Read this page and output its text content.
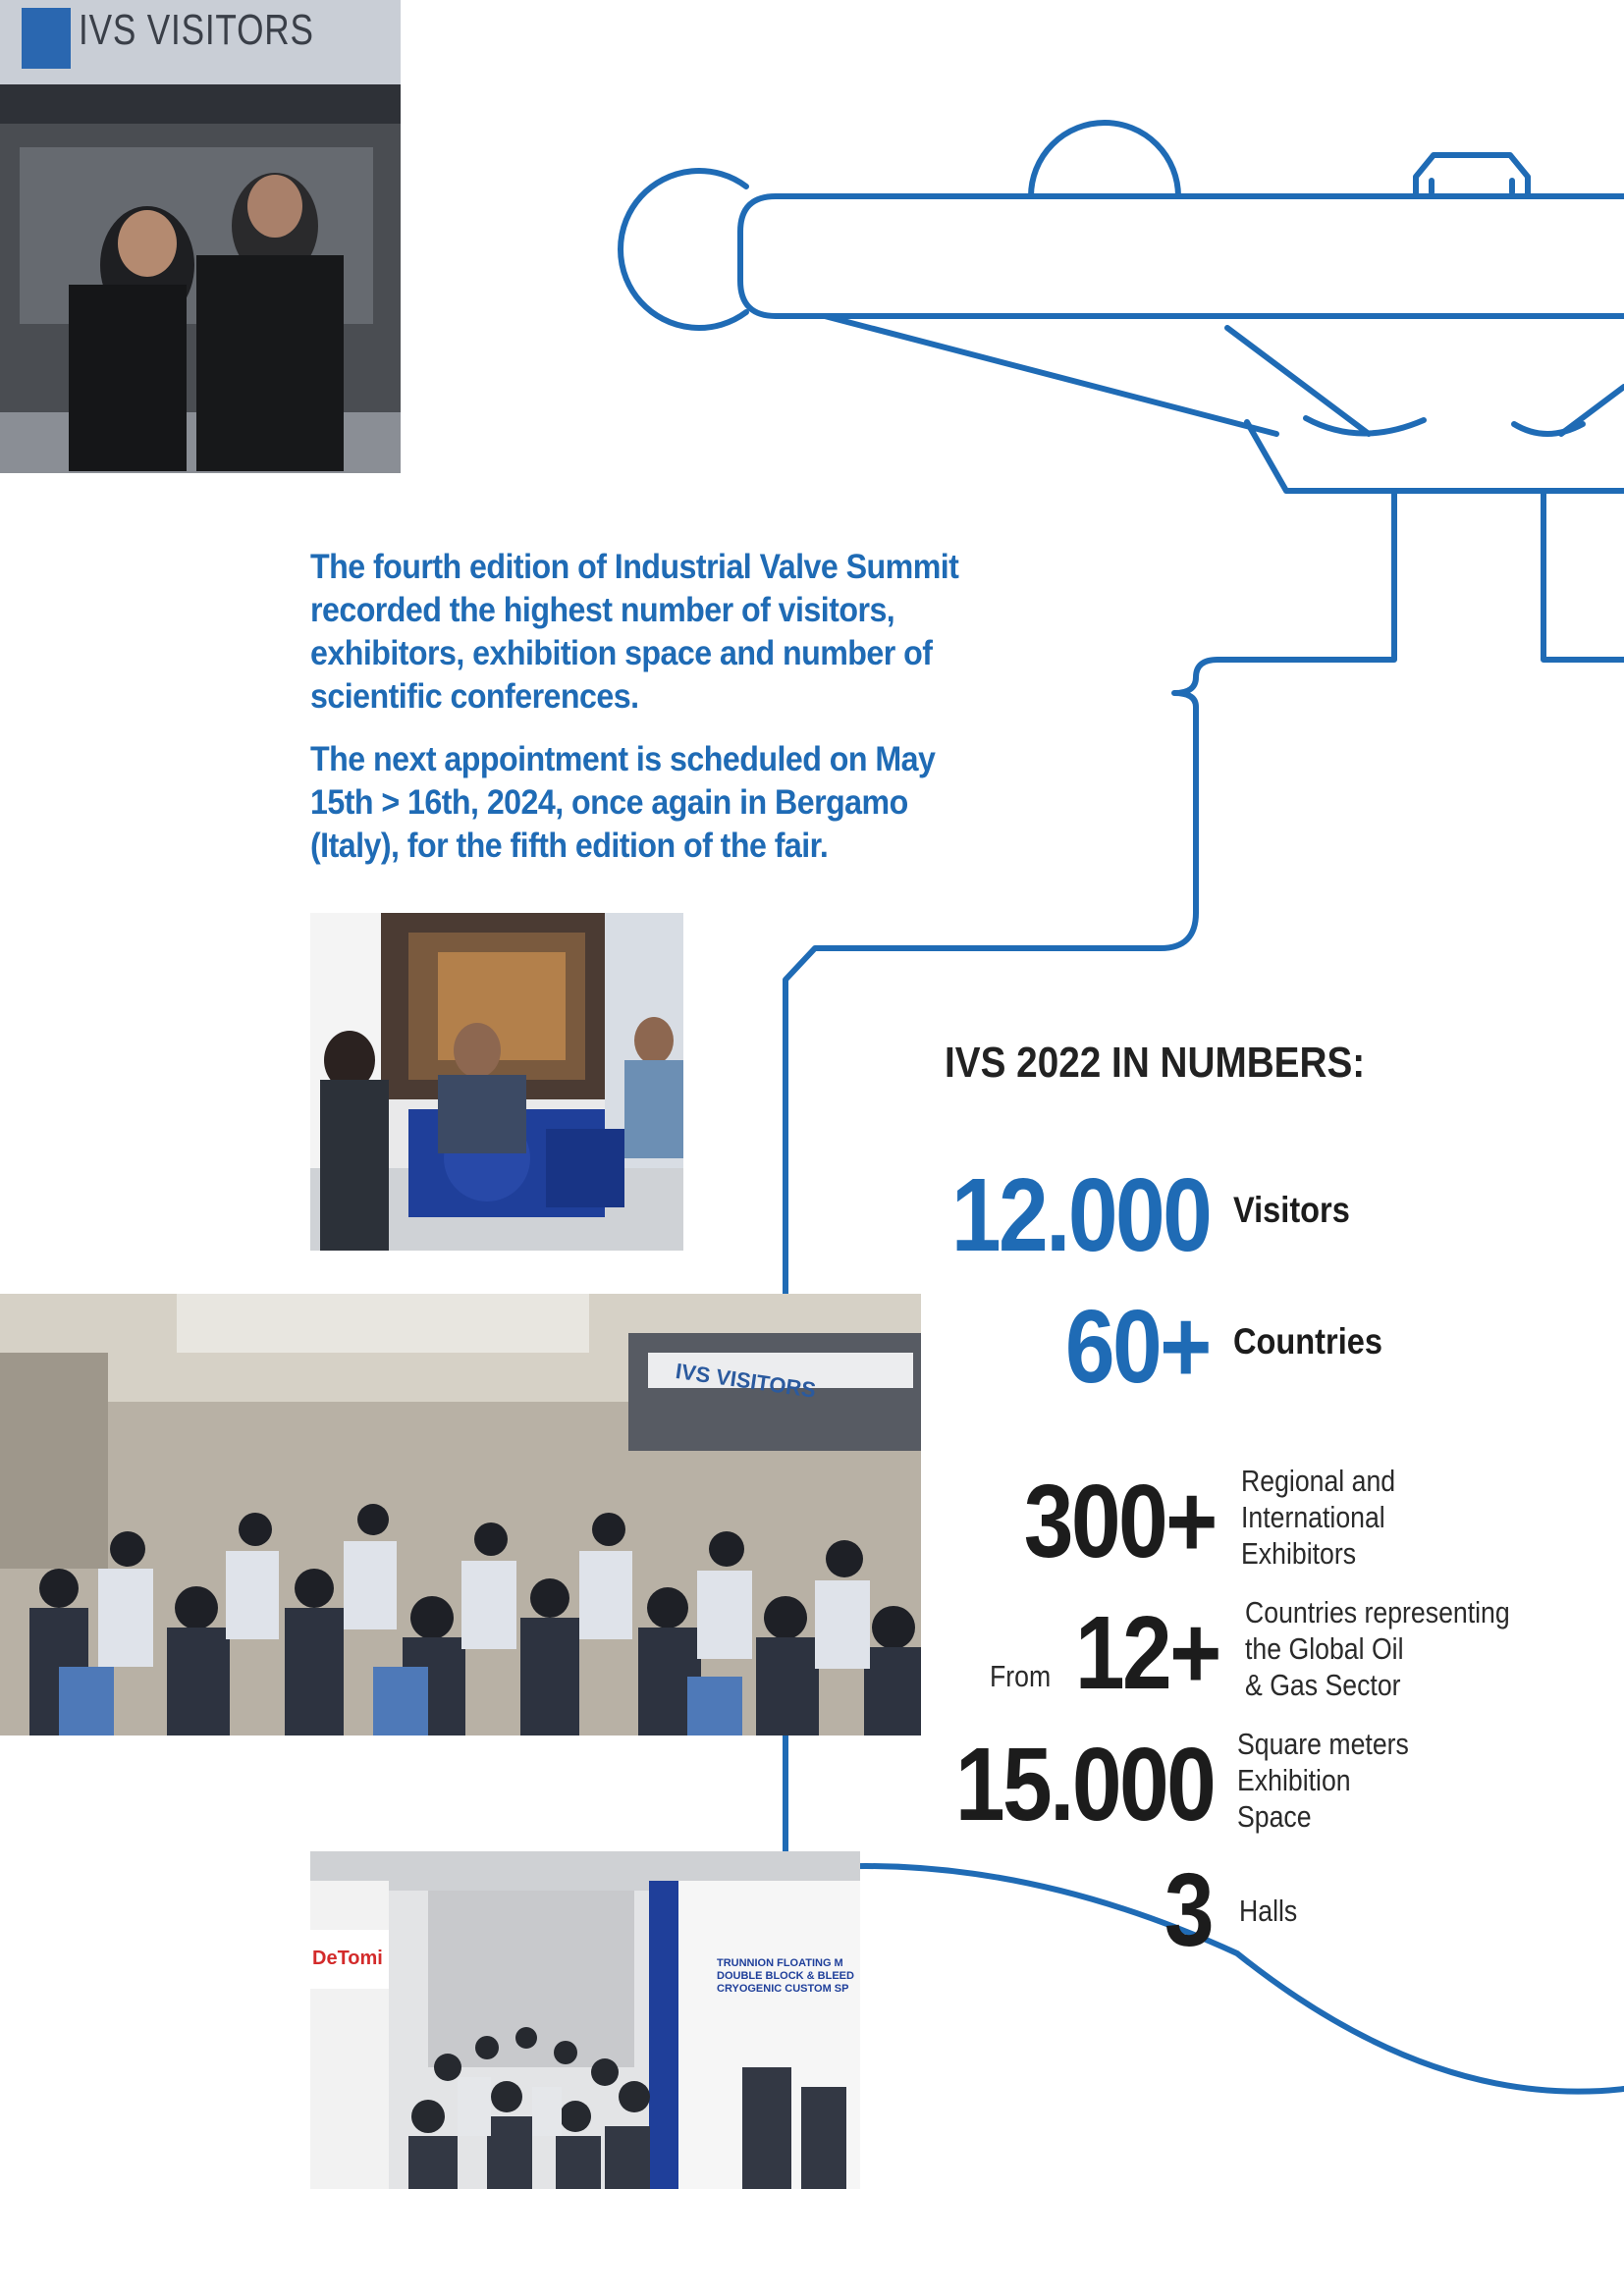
IVS VISITORS
IVS VISITORS
DeTomi	TRUNNION FLOATING M
DOUBLE BLOCK & BLEED
CRYOGENIC CUSTOM SP
The fourth edition of Industrial Valve Summit recorded the highest number of visitors, exhibitors, exhibition space and number of scientific conferences.
The next appointment is scheduled on May 15th > 16th, 2024, once again in Bergamo (Italy), for the fifth edition of the fair.
IVS 2022 IN NUMBERS:
12.000 Visitors
60+ Countries
300+ Regional and
International
Exhibitors
From 12+ Countries representing
the Global Oil
& Gas Sector
15.000 Square meters
Exhibition
Space
3 Halls
